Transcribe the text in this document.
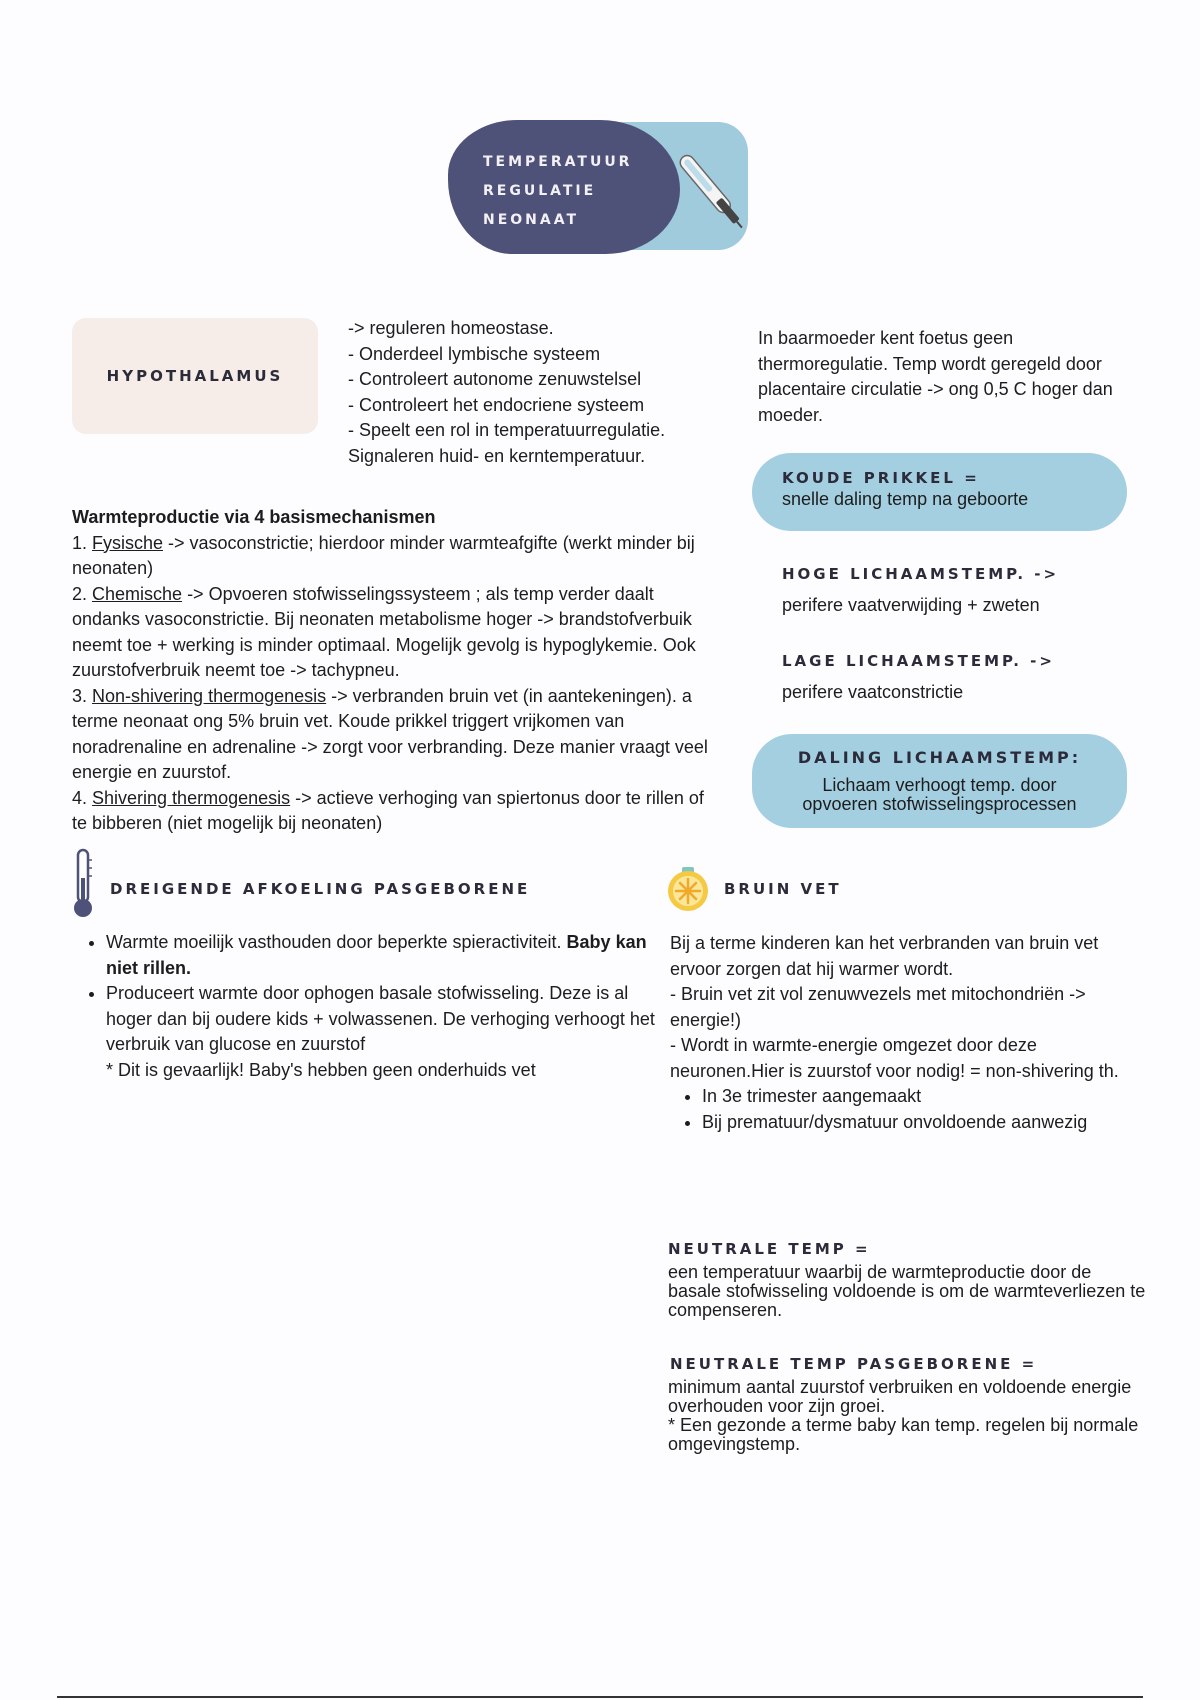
TEMPERATUUR
REGULATIE
NEONAAT
HYPOTHALAMUS
-> reguleren homeostase.
- Onderdeel lymbische systeem
- Controleert autonome zenuwstelsel
- Controleert het endocriene systeem
- Speelt een rol in temperatuurregulatie.
Signaleren huid- en kerntemperatuur.
In baarmoeder kent foetus geen thermoregulatie. Temp wordt geregeld door placentaire circulatie -> ong 0,5 C hoger dan moeder.
KOUDE PRIKKEL =
snelle daling temp na geboorte
HOGE LICHAAMSTEMP. ->
perifere vaatverwijding + zweten
LAGE LICHAAMSTEMP. ->
perifere vaatconstrictie
DALING LICHAAMSTEMP:
Lichaam verhoogt temp. door
opvoeren stofwisselingsprocessen
Warmteproductie via 4 basismechanismen
1. Fysische -> vasoconstrictie; hierdoor minder warmteafgifte (werkt minder bij neonaten)
2. Chemische -> Opvoeren stofwisselingssysteem ; als temp verder daalt ondanks vasoconstrictie. Bij neonaten metabolisme hoger -> brandstofverbuik neemt toe + werking is minder optimaal. Mogelijk gevolg is hypoglykemie. Ook zuurstofverbruik neemt toe -> tachypneu.
3. Non-shivering thermogenesis -> verbranden bruin vet (in aantekeningen). a terme neonaat ong 5% bruin vet. Koude prikkel triggert vrijkomen van noradrenaline en adrenaline -> zorgt voor verbranding. Deze manier vraagt veel energie en zuurstof.
4. Shivering thermogenesis -> actieve verhoging van spiertonus door te rillen of te bibberen (niet mogelijk bij neonaten)
DREIGENDE AFKOELING PASGEBORENE
• Warmte moeilijk vasthouden door beperkte spieractiviteit. Baby kan niet rillen.
• Produceert warmte door ophogen basale stofwisseling. Deze is al hoger dan bij oudere kids + volwassenen. De verhoging verhoogt het verbruik van glucose en zuurstof
* Dit is gevaarlijk! Baby's hebben geen onderhuids vet
BRUIN VET
Bij a terme kinderen kan het verbranden van bruin vet ervoor zorgen dat hij warmer wordt.
- Bruin vet zit vol zenuwvezels met mitochondriën -> energie!)
- Wordt in warmte-energie omgezet door deze neuronen.Hier is zuurstof voor nodig! = non-shivering th.
• In 3e trimester aangemaakt
• Bij prematuur/dysmatuur onvoldoende aanwezig
NEUTRALE TEMP =
een temperatuur waarbij de warmteproductie door de basale stofwisseling voldoende is om de warmteverliezen te compenseren.
NEUTRALE TEMP PASGEBORENE =
minimum aantal zuurstof verbruiken en voldoende energie overhouden voor zijn groei.
* Een gezonde a terme baby kan temp. regelen bij normale omgevingstemp.
